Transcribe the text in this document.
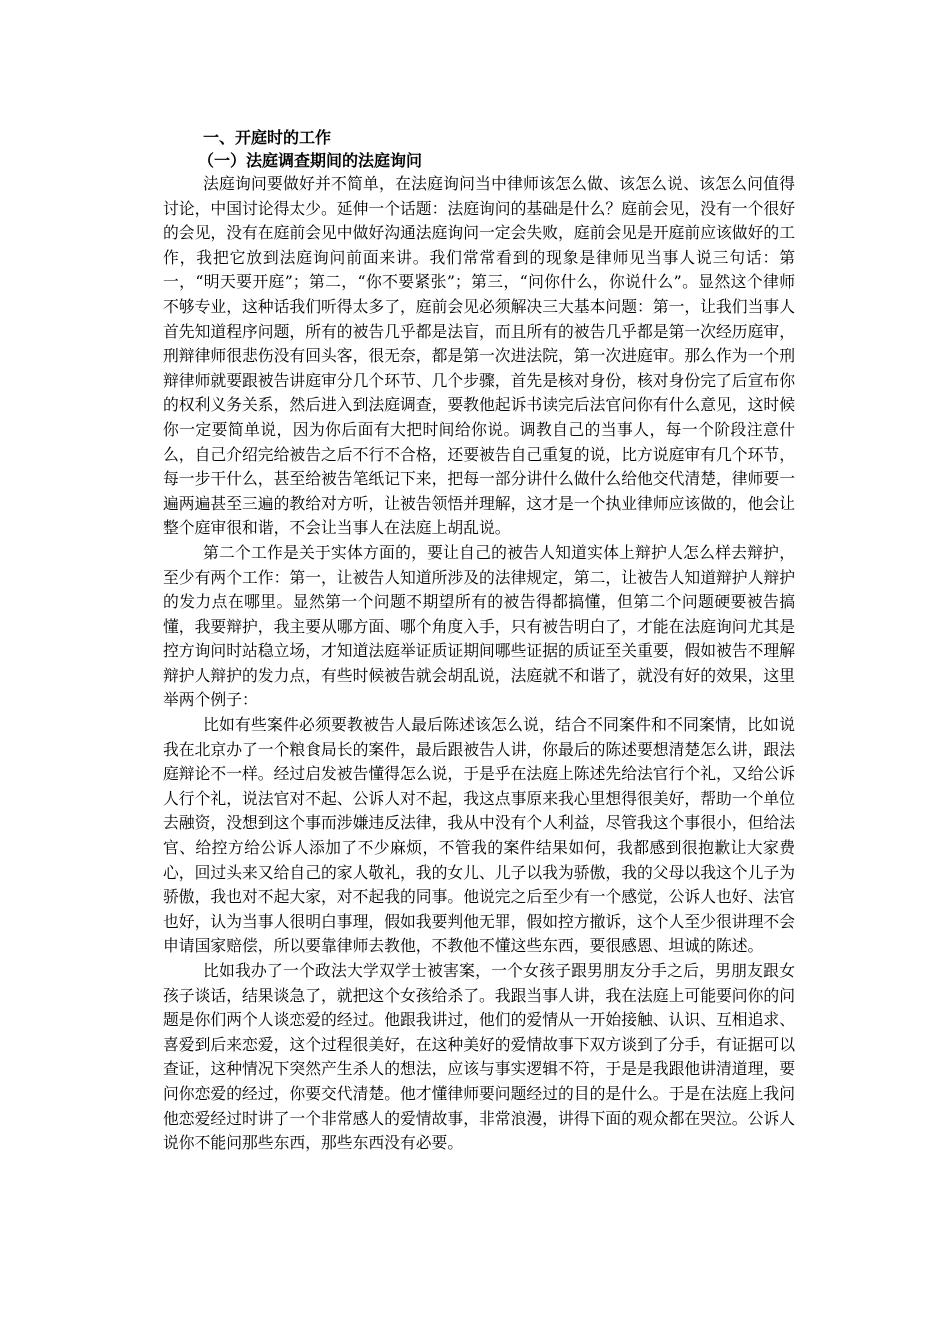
一、开庭时的工作
（一）法庭调查期间的法庭询问

法庭询问要做好并不简单，在法庭询问当中律师该怎么做、该怎么说、该怎么问值得讨论，中国讨论得太少。延伸一个话题：法庭询问的基础是什么？庭前会见，没有一个很好的会见，没有在庭前会见中做好沟通法庭询问一定会失败，庭前会见是开庭前应该做好的工作，我把它放到法庭询问前面来讲。我们常常看到的现象是律师见当事人说三句话：第一，“明天要开庭”；第二，“你不要紧张”；第三，“问你什么，你说什么”。显然这个律师不够专业，这种话我们听得太多了，庭前会见必须解决三大基本问题：第一，让我们当事人首先知道程序问题，所有的被告几乎都是法盲，而且所有的被告几乎都是第一次经历庭审，刑辩律师很悲伤没有回头客，很无奈，都是第一次进法院，第一次进庭审。那么作为一个刑辩律师就要跟被告讲庭审分几个环节、几个步骤，首先是核对身份，核对身份完了后宣布你的权利义务关系，然后进入到法庭调查，要教他起诉书读完后法官问你有什么意见，这时候你一定要简单说，因为你后面有大把时间给你说。调教自己的当事人，每一个阶段注意什么，自己介绍完给被告之后不行不合格，还要被告自己重复的说，比方说庭审有几个环节，每一步干什么，甚至给被告笔纸记下来，把每一部分讲什么做什么给他交代清楚，律师要一遍两遍甚至三遍的教给对方听，让被告领悟并理解，这才是一个执业律师应该做的，他会让整个庭审很和谐，不会让当事人在法庭上胡乱说。

第二个工作是关于实体方面的，要让自己的被告人知道实体上辩护人怎么样去辩护，至少有两个工作：第一，让被告人知道所涉及的法律规定，第二，让被告人知道辩护人辩护的发力点在哪里。显然第一个问题不期望所有的被告得都搞懂，但第二个问题硬要被告搞懂，我要辩护，我主要从哪方面、哪个角度入手，只有被告明白了，才能在法庭询问尤其是控方询问时站稳立场，才知道法庭举证质证期间哪些证据的质证至关重要，假如被告不理解辩护人辩护的发力点，有些时候被告就会胡乱说，法庭就不和谐了，就没有好的效果，这里举两个例子：

比如有些案件必须要教被告人最后陈述该怎么说，结合不同案件和不同案情，比如说我在北京办了一个粮食局长的案件，最后跟被告人讲，你最后的陈述要想清楚怎么讲，跟法庭辩论不一样。经过启发被告懂得怎么说，于是乎在法庭上陈述先给法官行个礼，又给公诉人行个礼，说法官对不起、公诉人对不起，我这点事原来我心里想得很美好，帮助一个单位去融资，没想到这个事而涉嫌违反法律，我从中没有个人利益，尽管我这个事很小，但给法官、给控方给公诉人添加了不少麻烦，不管我的案件结果如何，我都感到很抱歉让大家费心，回过头来又给自己的家人敬礼，我的女儿、儿子以我为骄傲，我的父母以我这个儿子为骄傲，我也对不起大家，对不起我的同事。他说完之后至少有一个感觉，公诉人也好、法官也好，认为当事人很明白事理，假如我要判他无罪，假如控方撤诉，这个人至少很讲理不会申请国家赔偿，所以要靠律师去教他，不教他不懂这些东西，要很感恩、坦诚的陈述。

比如我办了一个政法大学双学士被害案，一个女孩子跟男朋友分手之后，男朋友跟女孩子谈话，结果谈急了，就把这个女孩给杀了。我跟当事人讲，我在法庭上可能要问你的问题是你们两个人谈恋爱的经过。他跟我讲过，他们的爱情从一开始接触、认识、互相追求、喜爱到后来恋爱，这个过程很美好，在这种美好的爱情故事下双方谈到了分手，有证据可以查证，这种情况下突然产生杀人的想法，应该与事实逻辑不符，于是是我跟他讲清道理，要问你恋爱的经过，你要交代清楚。他才懂律师要问题经过的目的是什么。于是在法庭上我问他恋爱经过时讲了一个非常感人的爱情故事，非常浪漫，讲得下面的观众都在哭泣。公诉人说你不能问那些东西，那些东西没有必要。
